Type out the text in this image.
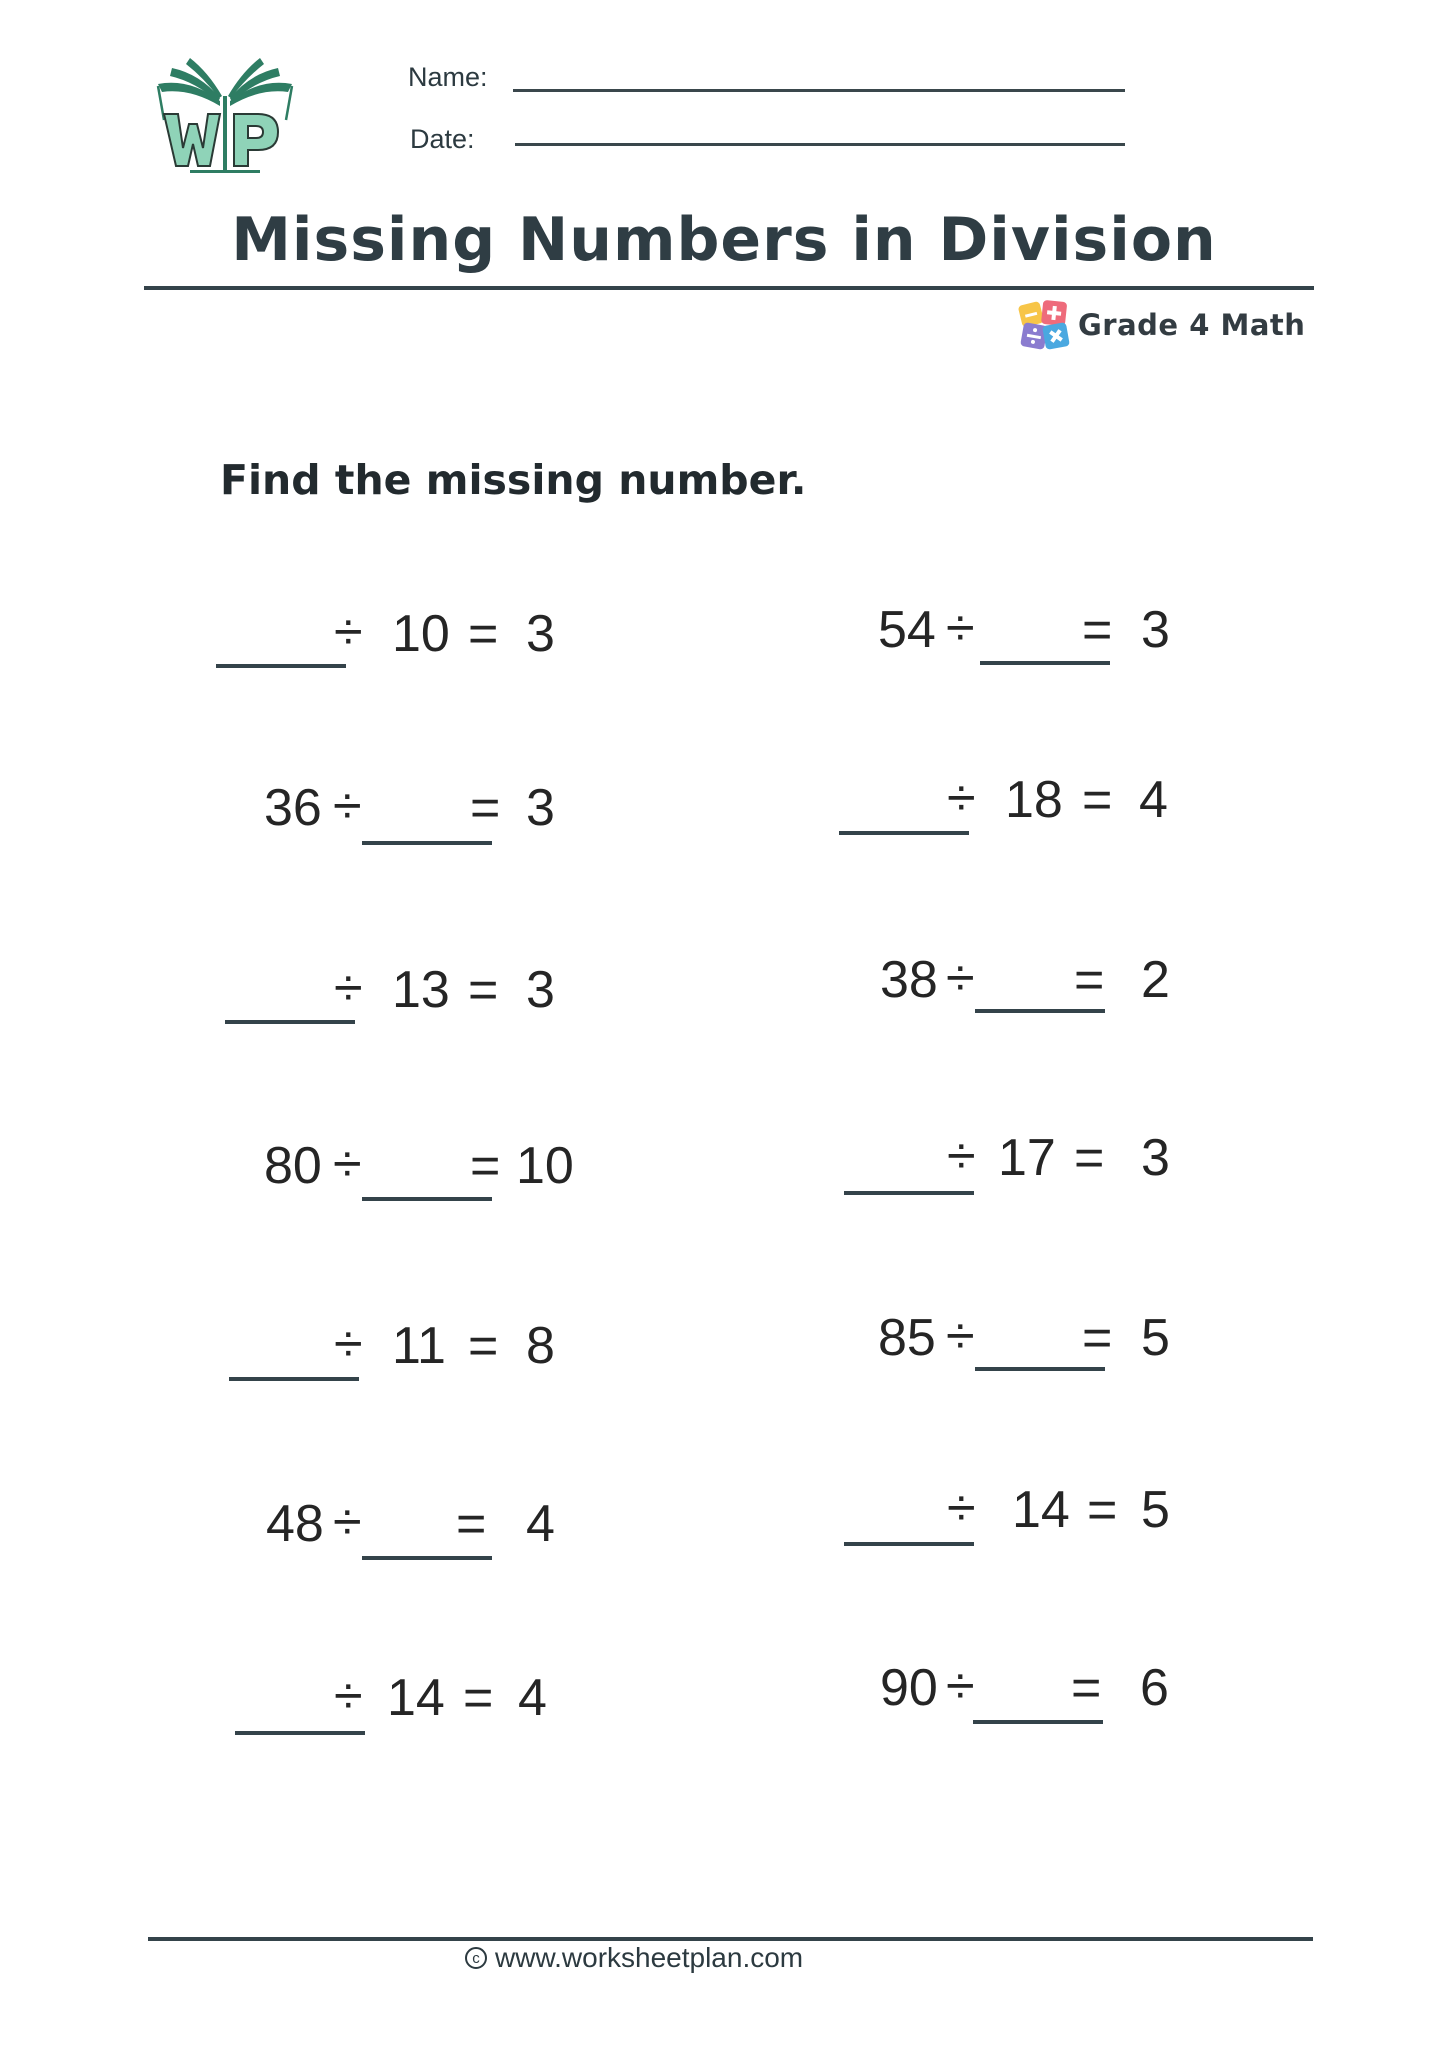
Name:
Date:
Missing Numbers in Division
Grade 4 Math
Find the missing number.
÷ 10 = 3	54 ÷ = 3
36 ÷ = 3	÷ 18 = 4
÷ 13 = 3	38 ÷ = 2
80 ÷ = 10	÷ 17 = 3
÷ 11 = 8	85 ÷ = 5
48 ÷ = 4	÷ 14 = 5
÷ 14 = 4	90 ÷ = 6
c www.worksheetplan.com
